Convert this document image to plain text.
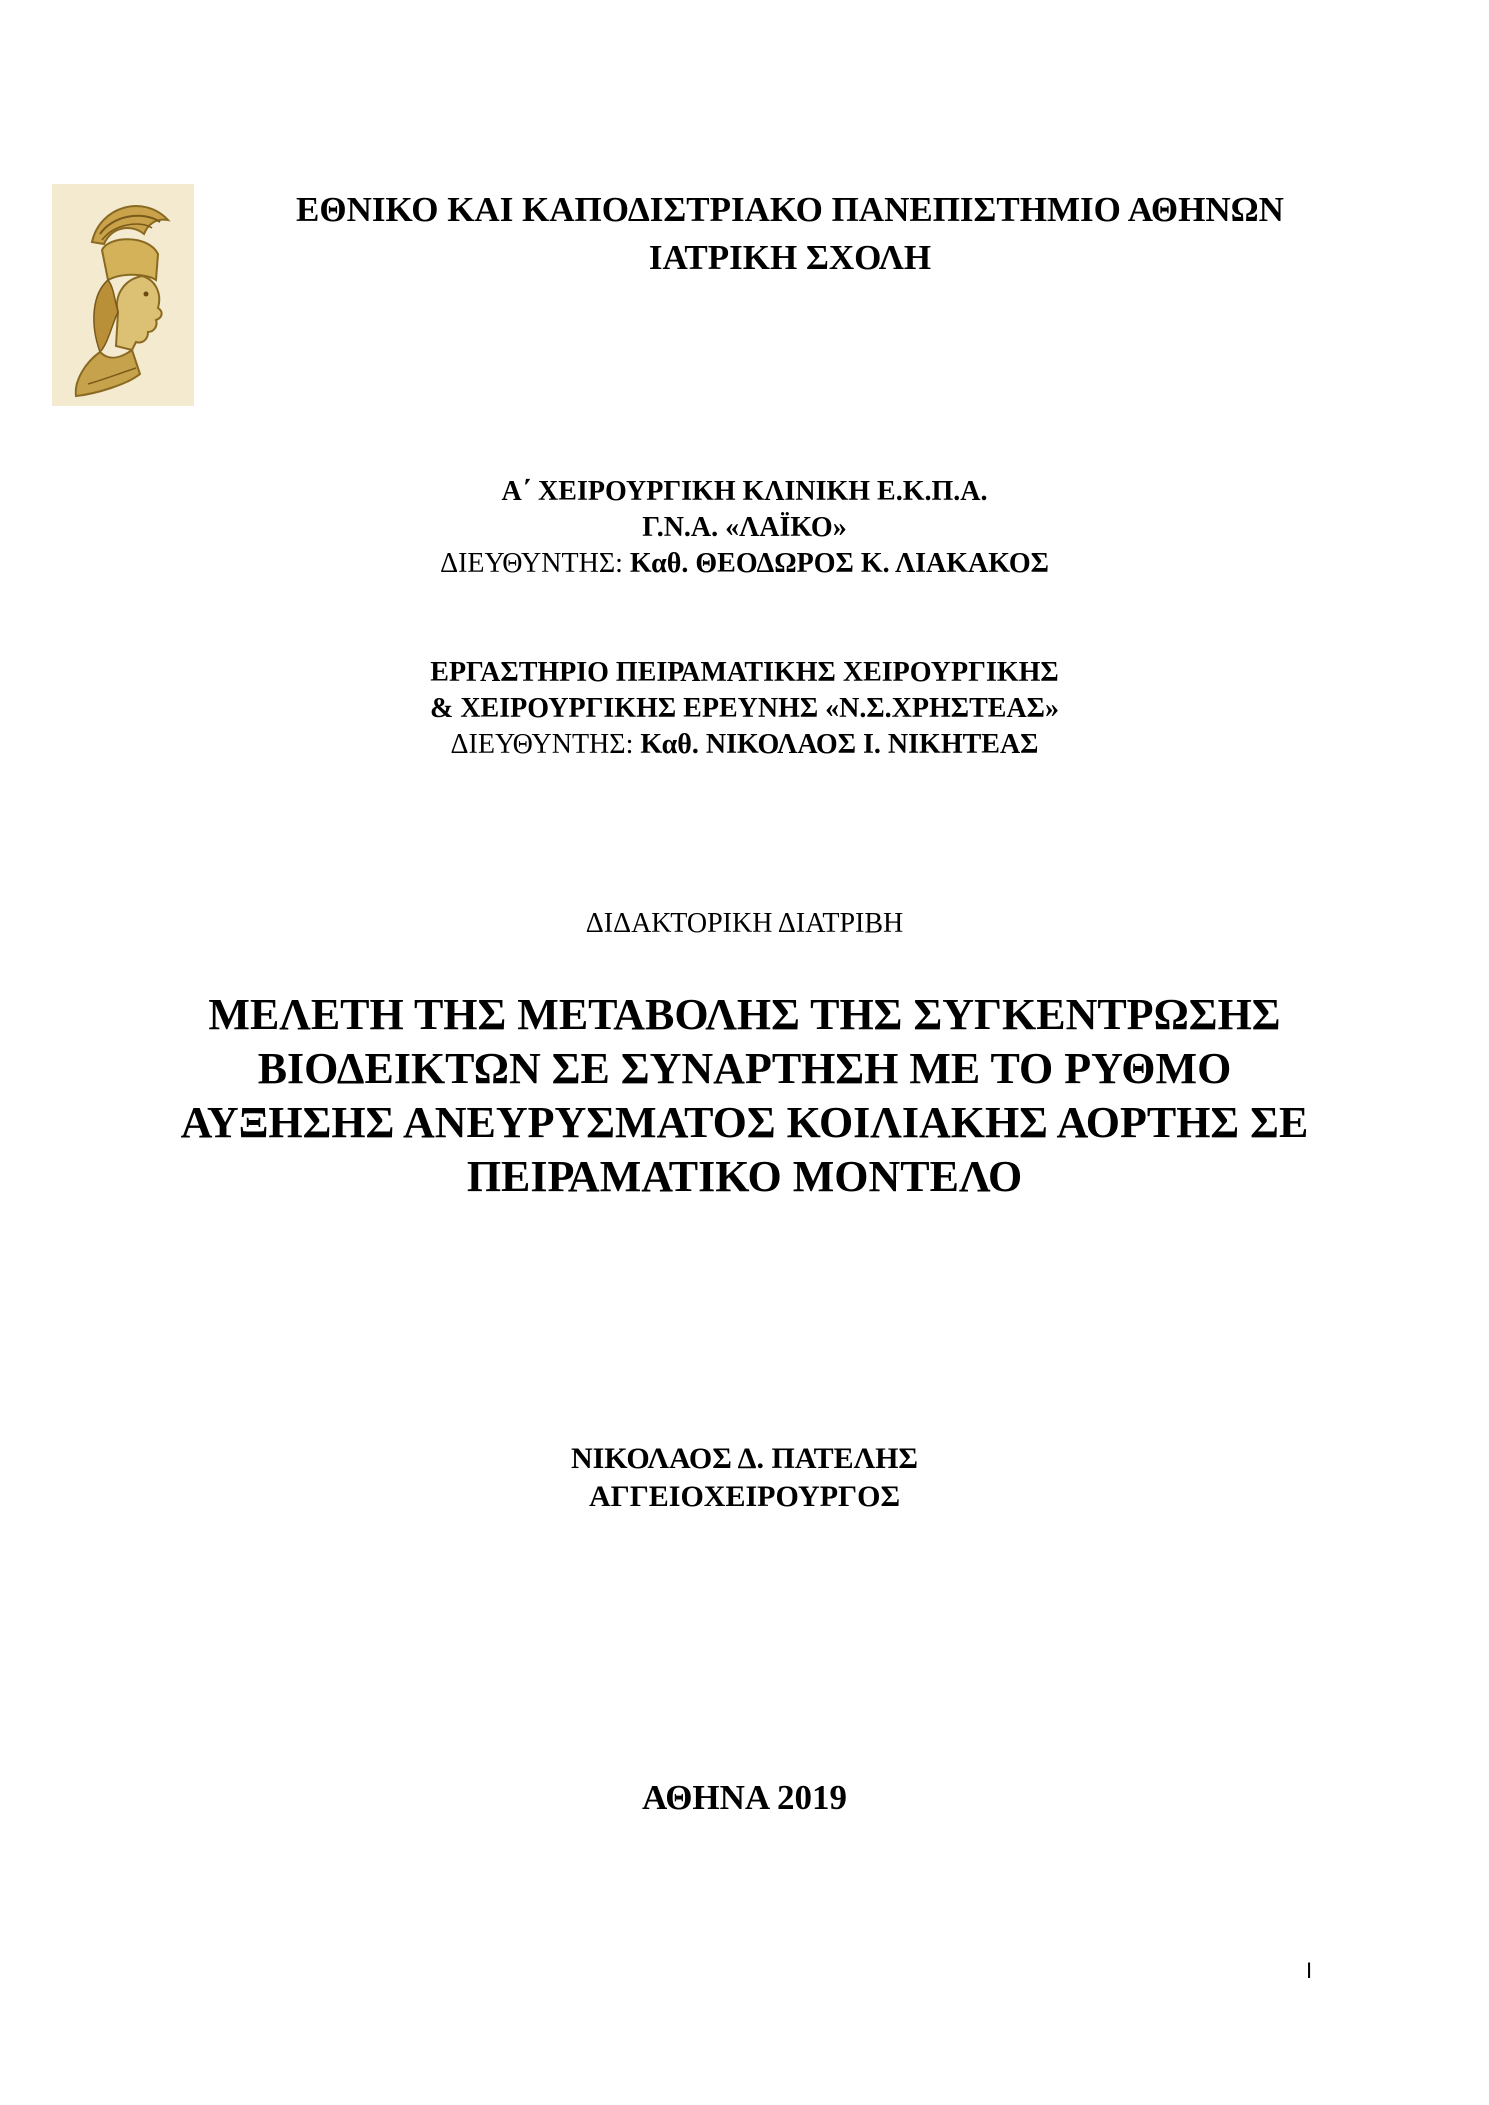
ΕΘΝΙΚΟ ΚΑΙ ΚΑΠΟΔΙΣΤΡΙΑΚΟ ΠΑΝΕΠΙΣΤΗΜΙΟ ΑΘΗΝΩΝ
ΙΑΤΡΙΚΗ ΣΧΟΛΗ
Α΄ ΧΕΙΡΟΥΡΓΙΚΗ ΚΛΙΝΙΚΗ Ε.Κ.Π.Α.
Γ.Ν.Α. «ΛΑΪΚΟ»
ΔΙΕΥΘΥΝΤΗΣ: Καθ. ΘΕΟΔΩΡΟΣ Κ. ΛΙΑΚΑΚΟΣ
ΕΡΓΑΣΤΗΡΙΟ ΠΕΙΡΑΜΑΤΙΚΗΣ ΧΕΙΡΟΥΡΓΙΚΗΣ
& ΧΕΙΡΟΥΡΓΙΚΗΣ ΕΡΕΥΝΗΣ «Ν.Σ.ΧΡΗΣΤΕΑΣ»
ΔΙΕΥΘΥΝΤΗΣ: Καθ. ΝΙΚΟΛΑΟΣ Ι. ΝΙΚΗΤΕΑΣ
ΔΙΔΑΚΤΟΡΙΚΗ ΔΙΑΤΡΙΒΗ
ΜΕΛΕΤΗ ΤΗΣ ΜΕΤΑΒΟΛΗΣ ΤΗΣ ΣΥΓΚΕΝΤΡΩΣΗΣ
ΒΙΟΔΕΙΚΤΩΝ ΣΕ ΣΥΝΑΡΤΗΣΗ ΜΕ ΤΟ ΡΥΘΜΟ
ΑΥΞΗΣΗΣ ΑΝΕΥΡΥΣΜΑΤΟΣ ΚΟΙΛΙΑΚΗΣ ΑΟΡΤΗΣ ΣΕ
ΠΕΙΡΑΜΑΤΙΚΟ ΜΟΝΤΕΛΟ
ΝΙΚΟΛΑΟΣ Δ. ΠΑΤΕΛΗΣ
ΑΓΓΕΙΟΧΕΙΡΟΥΡΓΟΣ
ΑΘΗΝΑ 2019
I
